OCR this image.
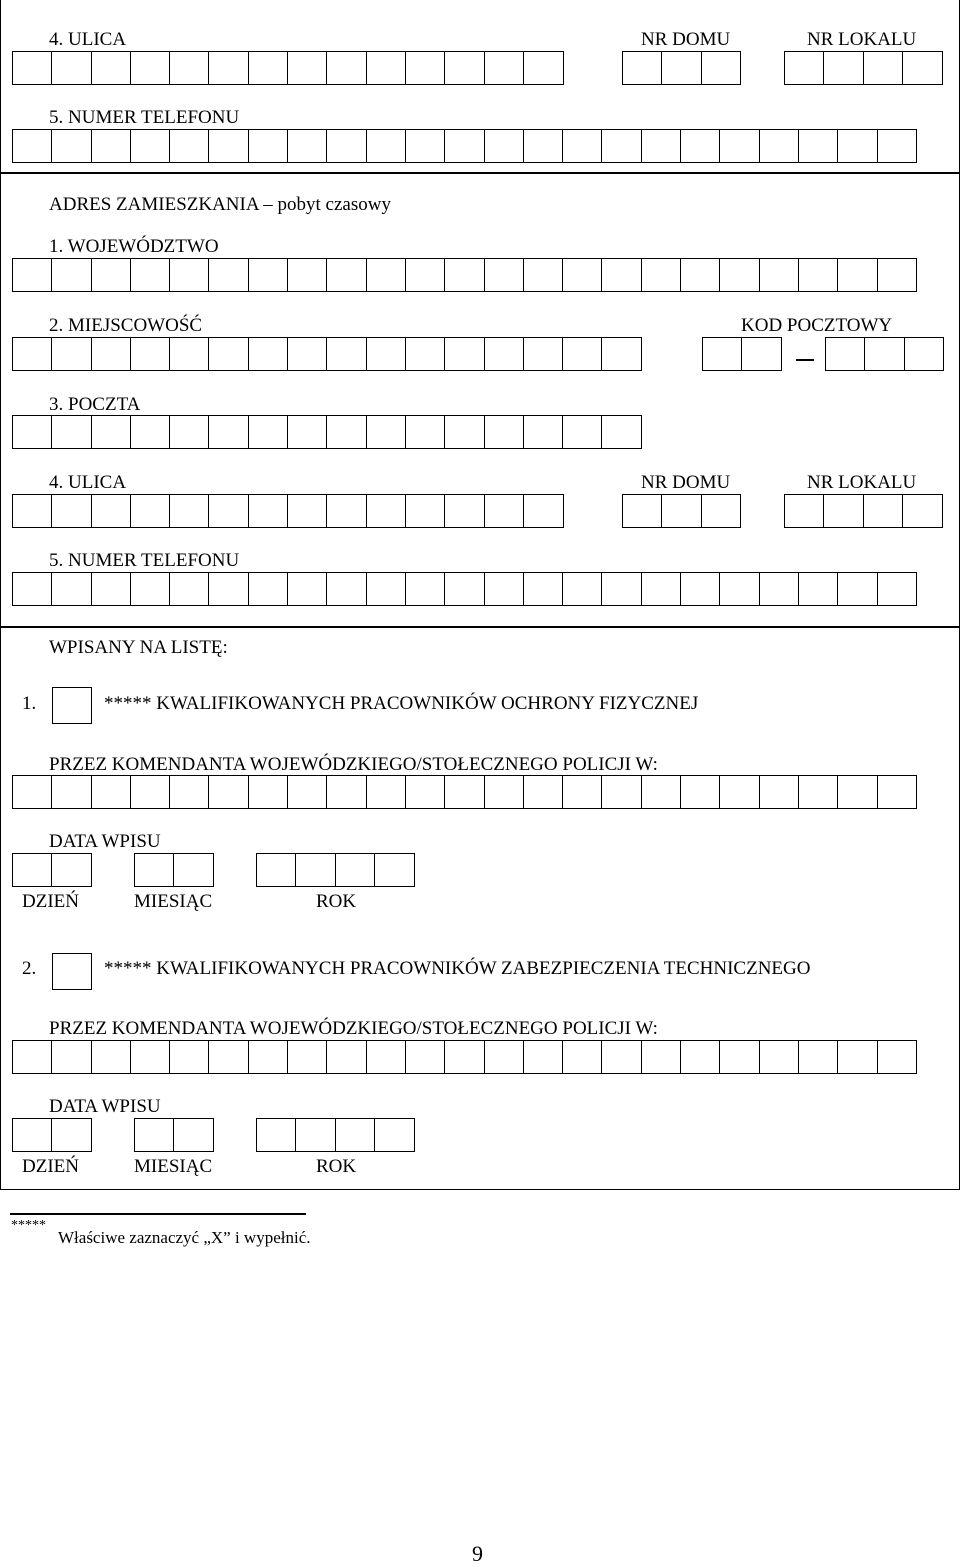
4. ULICA	NR DOMU	NR LOKALU
5. NUMER TELEFONU
ADRES ZAMIESZKANIA – pobyt czasowy
1. WOJEWÓDZTWO
2. MIEJSCOWOŚĆ	KOD POCZTOWY
3. POCZTA
4. ULICA	NR DOMU	NR LOKALU
5. NUMER TELEFONU
WPISANY NA LISTĘ:
1.	***** KWALIFIKOWANYCH PRACOWNIKÓW OCHRONY FIZYCZNEJ
PRZEZ KOMENDANTA WOJEWÓDZKIEGO/STOŁECZNEGO POLICJI W:
DATA WPISU
DZIEŃ	MIESIĄC	ROK
2.	***** KWALIFIKOWANYCH PRACOWNIKÓW ZABEZPIECZENIA TECHNICZNEGO
PRZEZ KOMENDANTA WOJEWÓDZKIEGO/STOŁECZNEGO POLICJI W:
DATA WPISU
DZIEŃ	MIESIĄC	ROK
*****
Właściwe zaznaczyć „X” i wypełnić.
9
